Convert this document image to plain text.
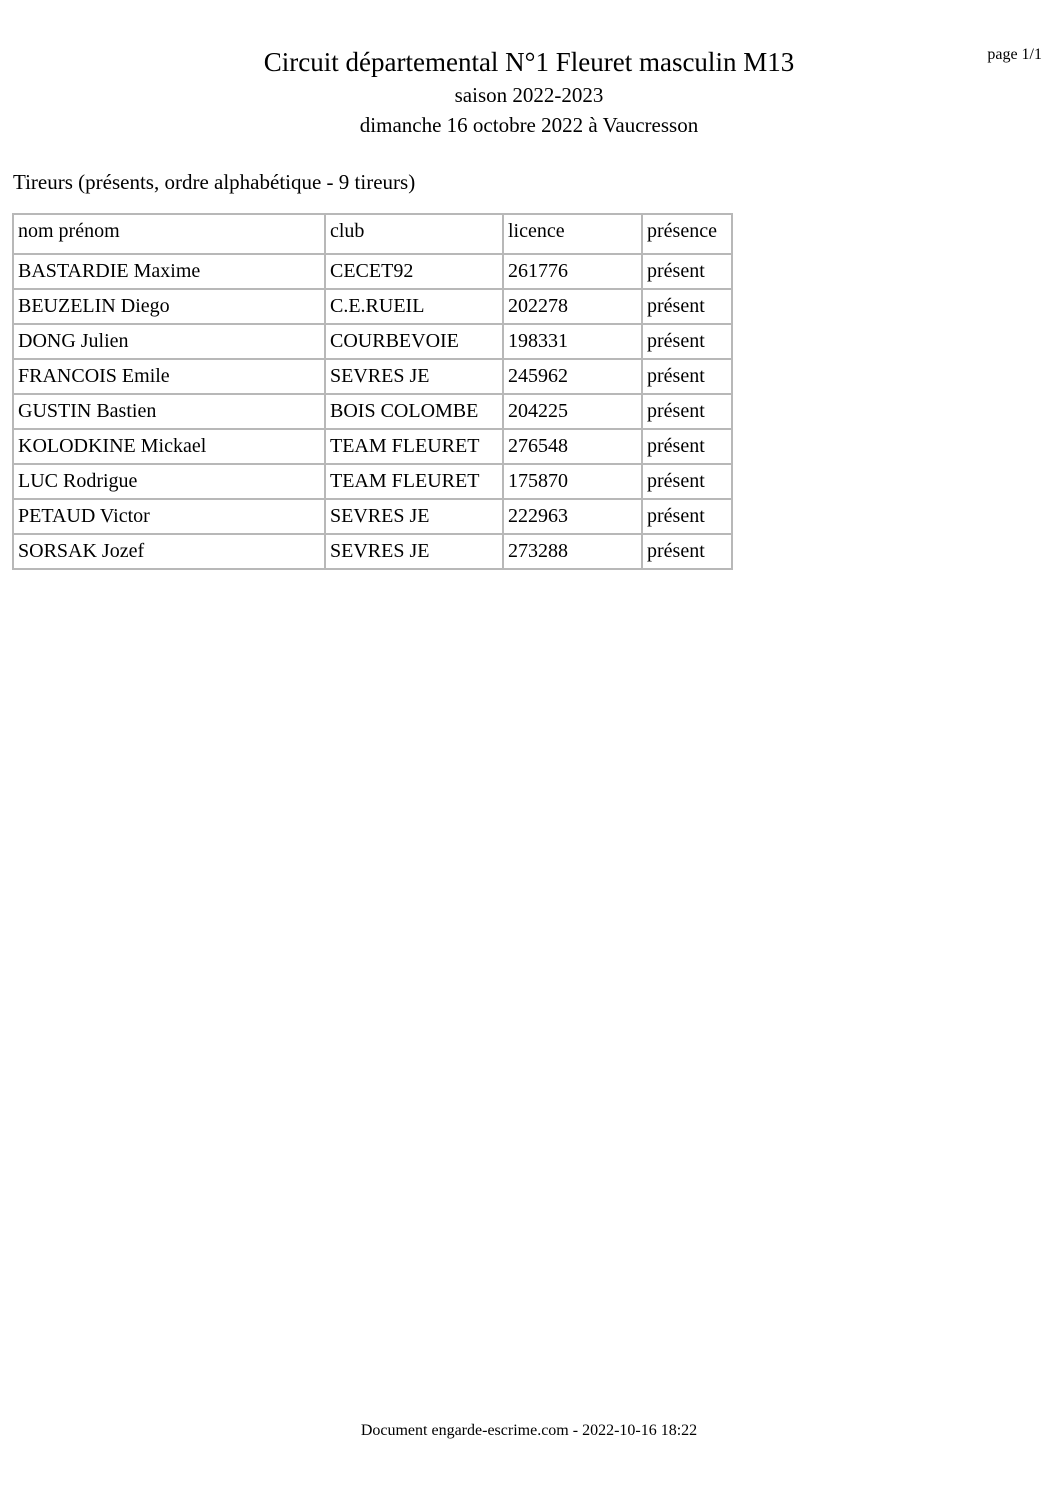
page 1/1
Circuit départemental N°1 Fleuret masculin M13
saison 2022-2023
dimanche 16 octobre 2022 à Vaucresson
Tireurs (présents, ordre alphabétique - 9 tireurs)
nom prénom	club	licence	présence
BASTARDIE Maxime	CECET92	261776	présent
BEUZELIN Diego	C.E.RUEIL	202278	présent
DONG Julien	COURBEVOIE	198331	présent
FRANCOIS Emile	SEVRES JE	245962	présent
GUSTIN Bastien	BOIS COLOMBE	204225	présent
KOLODKINE Mickael	TEAM FLEURET	276548	présent
LUC Rodrigue	TEAM FLEURET	175870	présent
PETAUD Victor	SEVRES JE	222963	présent
SORSAK Jozef	SEVRES JE	273288	présent
Document engarde-escrime.com - 2022-10-16 18:22
